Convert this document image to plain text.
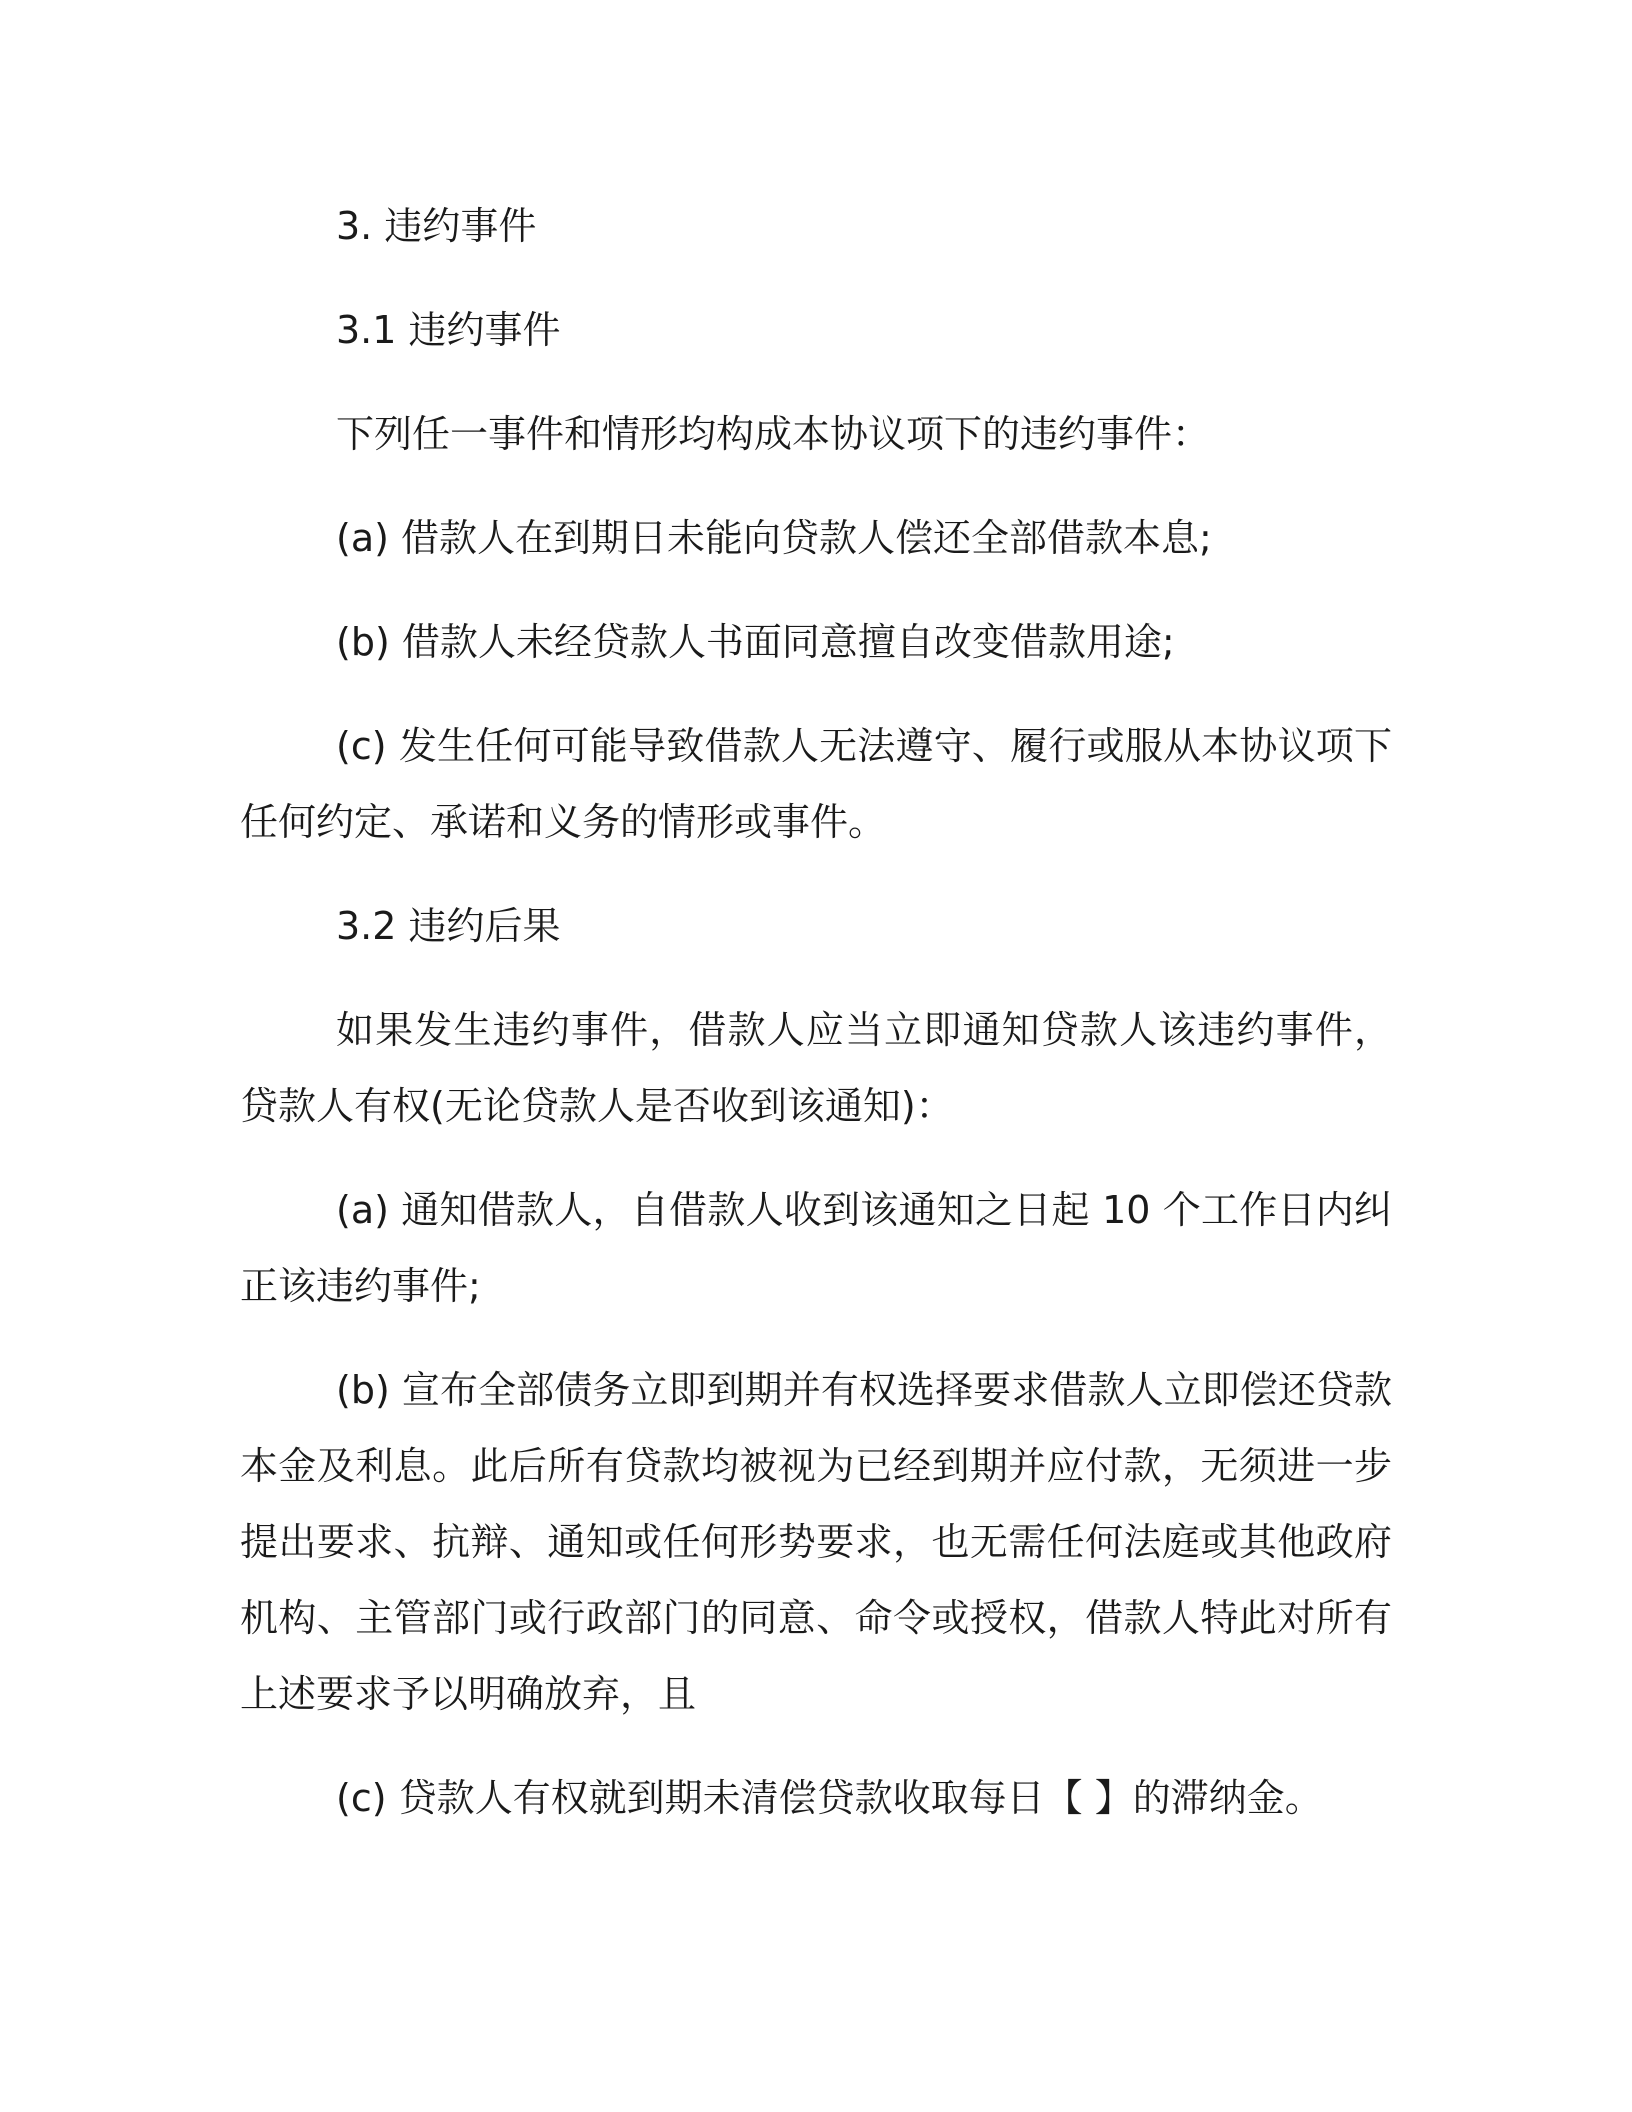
3. 违约事件

3.1 违约事件

下列任一事件和情形均构成本协议项下的违约事件：

(a) 借款人在到期日未能向贷款人偿还全部借款本息;

(b) 借款人未经贷款人书面同意擅自改变借款用途;

(c) 发生任何可能导致借款人无法遵守、履行或服从本协议项下任何约定、承诺和义务的情形或事件。

3.2 违约后果

如果发生违约事件，借款人应当立即通知贷款人该违约事件，贷款人有权(无论贷款人是否收到该通知)：

(a) 通知借款人，自借款人收到该通知之日起 10 个工作日内纠正该违约事件;

(b) 宣布全部债务立即到期并有权选择要求借款人立即偿还贷款本金及利息。此后所有贷款均被视为已经到期并应付款，无须进一步提出要求、抗辩、通知或任何形势要求，也无需任何法庭或其他政府机构、主管部门或行政部门的同意、命令或授权，借款人特此对所有上述要求予以明确放弃，且

(c) 贷款人有权就到期未清偿贷款收取每日【 】的滞纳金。
